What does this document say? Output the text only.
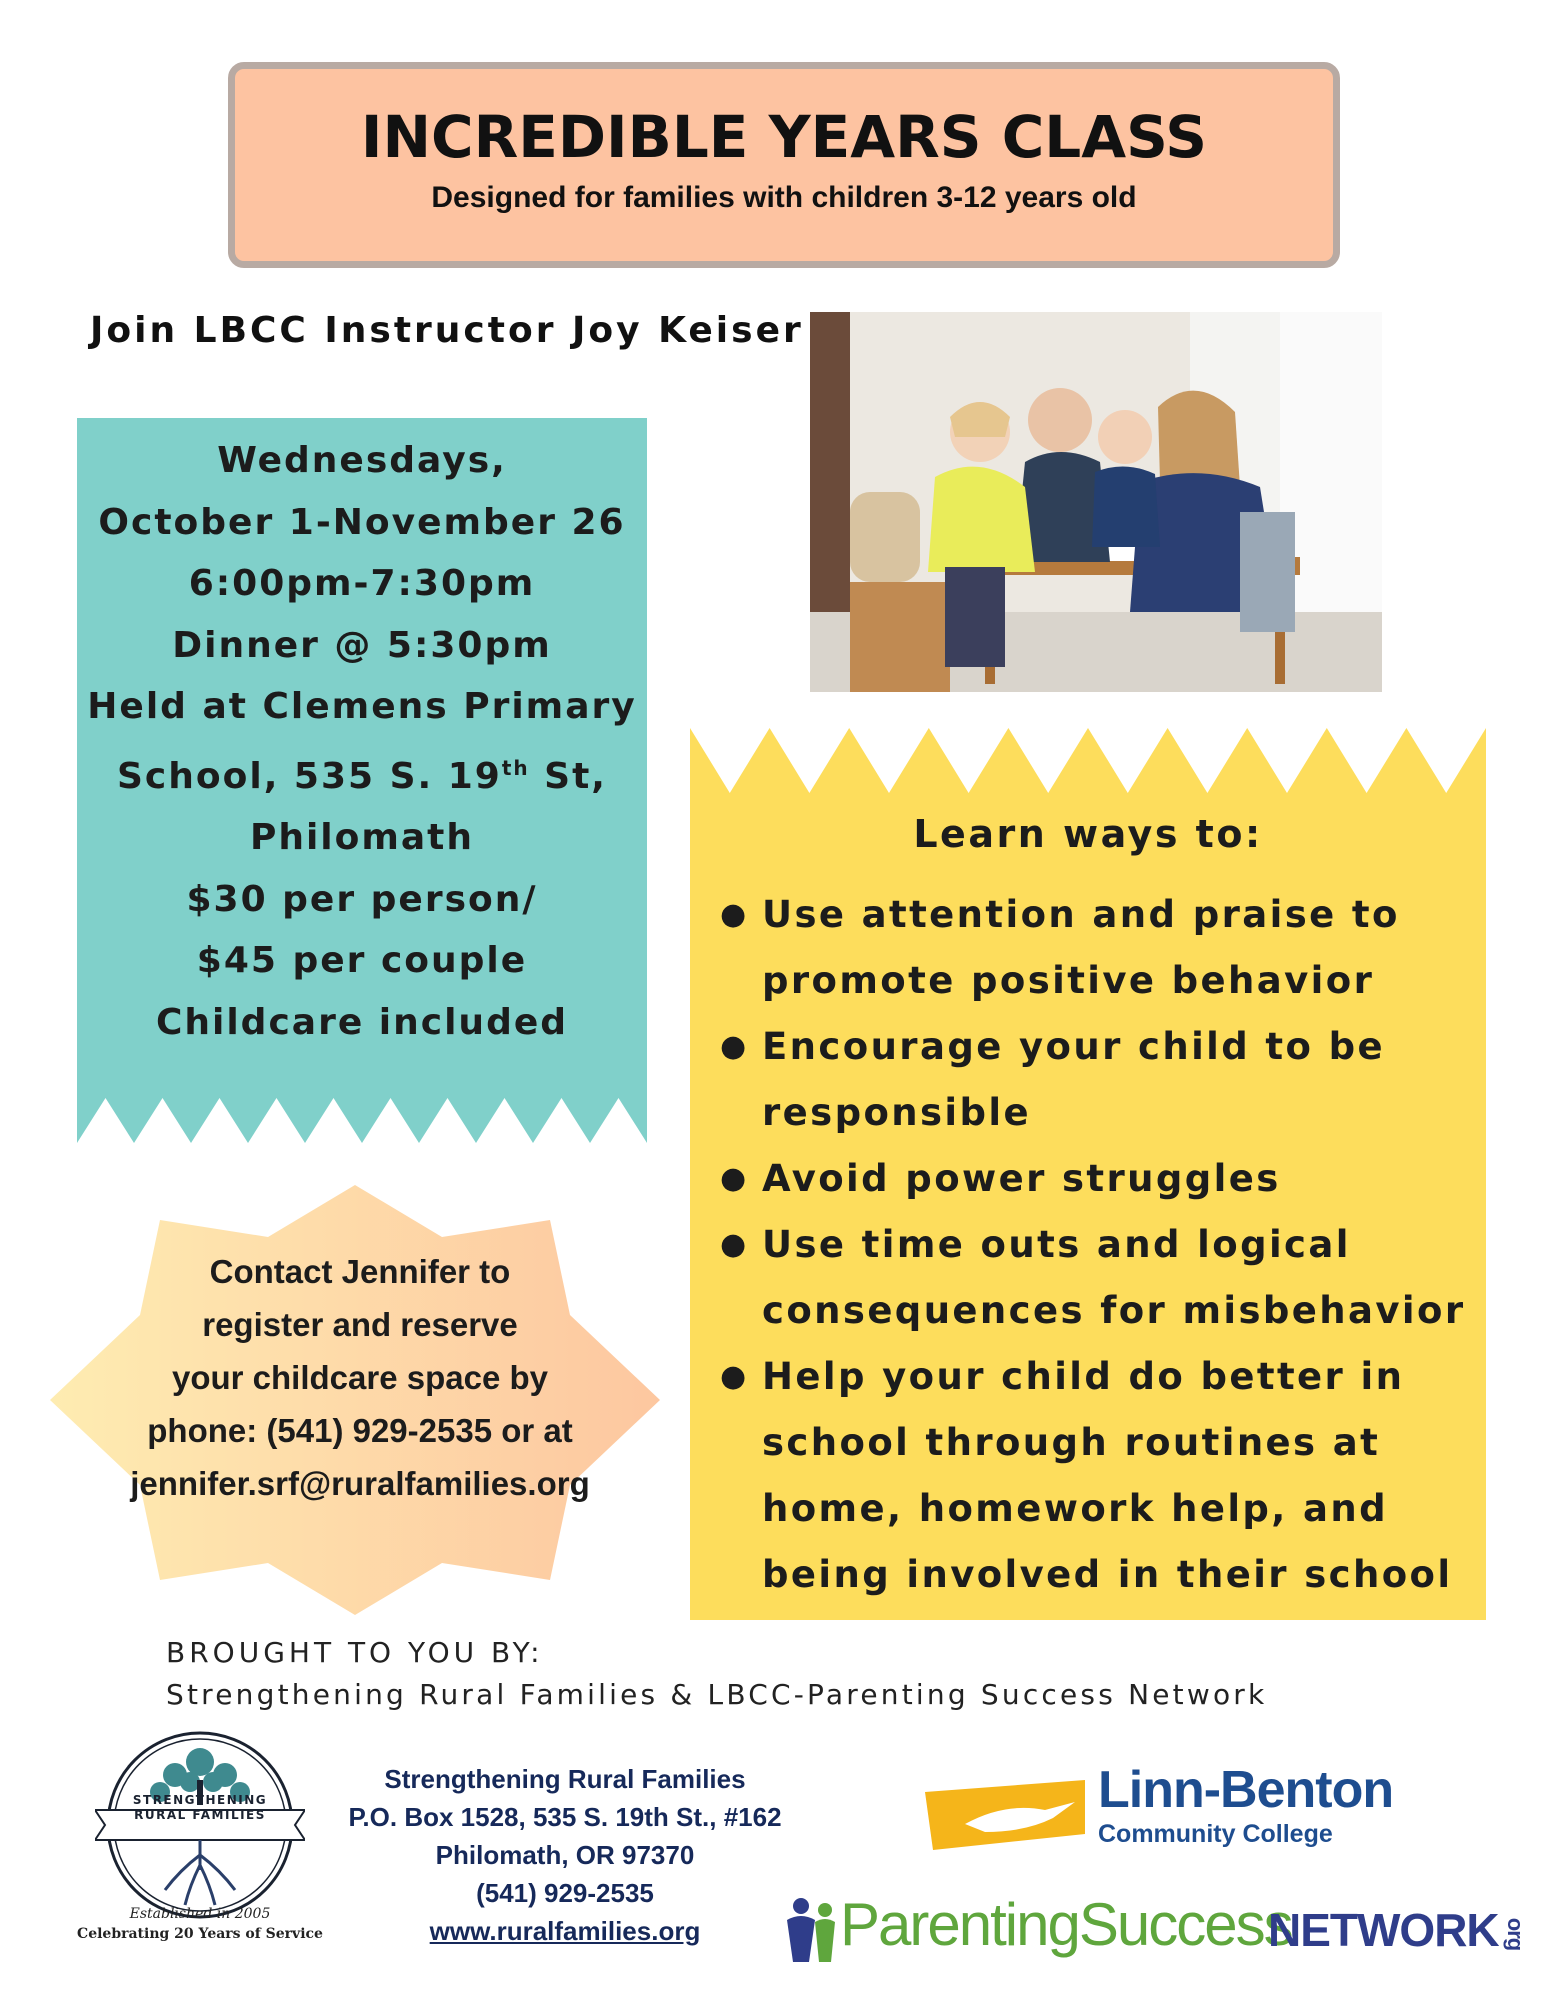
INCREDIBLE YEARS CLASS
Designed for families with children 3-12 years old
Join LBCC Instructor Joy Keiser
Wednesdays,
October 1-November 26
6:00pm-7:30pm
Dinner @ 5:30pm
Held at Clemens Primary
School, 535 S. 19th St,
Philomath
$30 per person/
$45 per couple
Childcare included
Learn ways to:
● Use attention and praise to promote positive behavior
● Encourage your child to be responsible
● Avoid power struggles
● Use time outs and logical consequences for misbehavior
● Help your child do better in school through routines at home, homework help, and being involved in their school
Contact Jennifer to
register and reserve
your childcare space by
phone: (541) 929-2535 or at
jennifer.srf@ruralfamilies.org
BROUGHT TO YOU BY:
Strengthening Rural Families & LBCC-Parenting Success Network
STRENGTHENING
RURAL FAMILIES
Established in 2005
Celebrating 20 Years of Service
Strengthening Rural Families
P.O. Box 1528, 535 S. 19th St., #162
Philomath, OR 97370
(541) 929-2535
www.ruralfamilies.org
Linn-Benton
Community College
ParentingSuccess
NETWORK org
